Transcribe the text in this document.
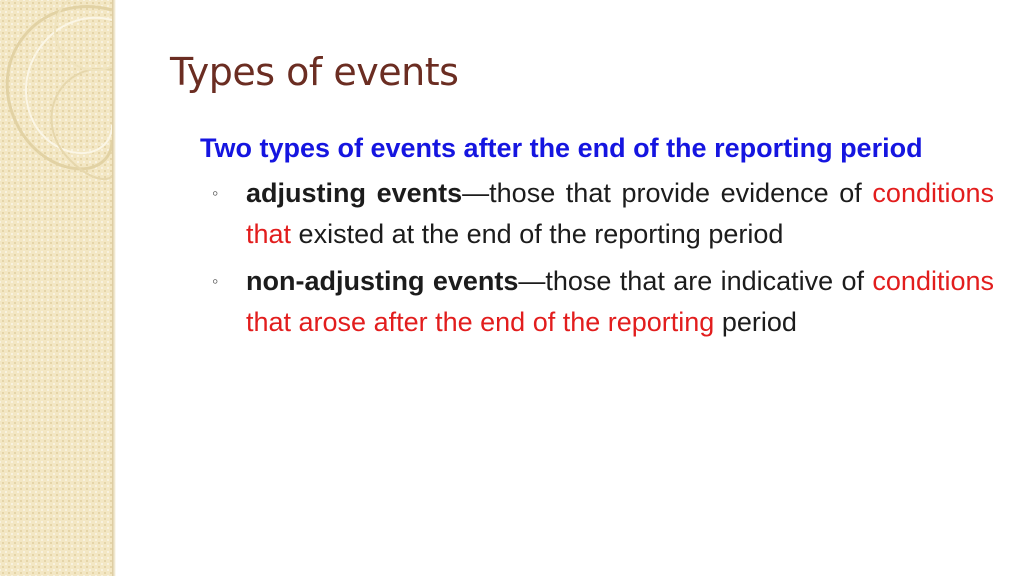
Types of events

Two types of events after the end of the reporting period

◦ adjusting events—those that provide evidence of conditions that existed at the end of the reporting period
◦ non-adjusting events—those that are indicative of conditions that arose after the end of the reporting period
